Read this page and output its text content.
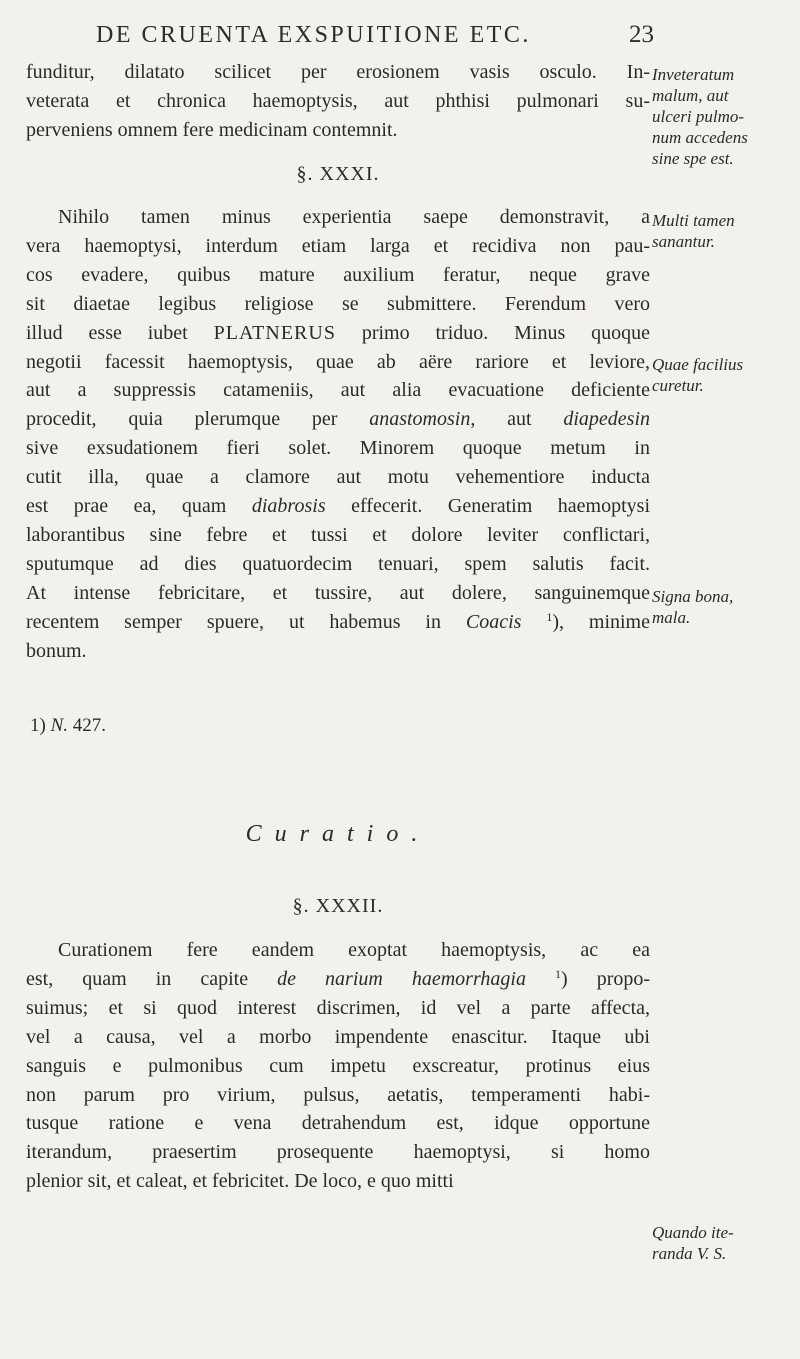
DE CRUENTA EXSPUITIONE ETC.	23

funditur, dilatato scilicet per erosionem vasis osculo. In-
veterata et chronica haemoptysis, aut phthisi pulmonari su-
perveniens omnem fere medicinam contemnit.

§. XXXI.

Nihilo tamen minus experientia saepe demonstravit, a
vera haemoptysi, interdum etiam larga et recidiva non pau-
cos evadere, quibus mature auxilium feratur, neque grave
sit diaetae legibus religiose se submittere. Ferendum vero
illud esse iubet PLATNERUS primo triduo. Minus quoque
negotii facessit haemoptysis, quae ab aëre rariore et leviore,
aut a suppressis catameniis, aut alia evacuatione deficiente
procedit, quia plerumque per anastomosin, aut diapedesin
sive exsudationem fieri solet. Minorem quoque metum in
cutit illa, quae a clamore aut motu vehementiore inducta
est prae ea, quam diabrosis effecerit. Generatim haemoptysi
laborantibus sine febre et tussi et dolore leviter conflictari,
sputumque ad dies quatuordecim tenuari, spem salutis facit.
At intense febricitare, et tussire, aut dolere, sanguinemque
recentem semper spuere, ut habemus in Coacis $^1$), minime
bonum.

1) N. 427.
Curatio.
§. XXXII.

Curationem fere eandem exoptat haemoptysis, ac ea
est, quam in capite de narium haemorrhagia $^1$) propo-
suimus; et si quod interest discrimen, id vel a parte affecta,
vel a causa, vel a morbo impendente enascitur. Itaque ubi
sanguis e pulmonibus cum impetu exscreatur, protinus eius
non parum pro virium, pulsus, aetatis, temperamenti habi-
tusque ratione e vena detrahendum est, idque opportune
iterandum, praesertim prosequente haemoptysi, si homo
plenior sit, et caleat, et febricitet. De loco, e quo mitti

Inveteratum
malum, aut
ulceri pulmo-
num accedens
sine spe est.
Multi tamen
sanantur.
Quae facilius
curetur.
Signa bona,
mala.
Quando ite-
randa V. S.
